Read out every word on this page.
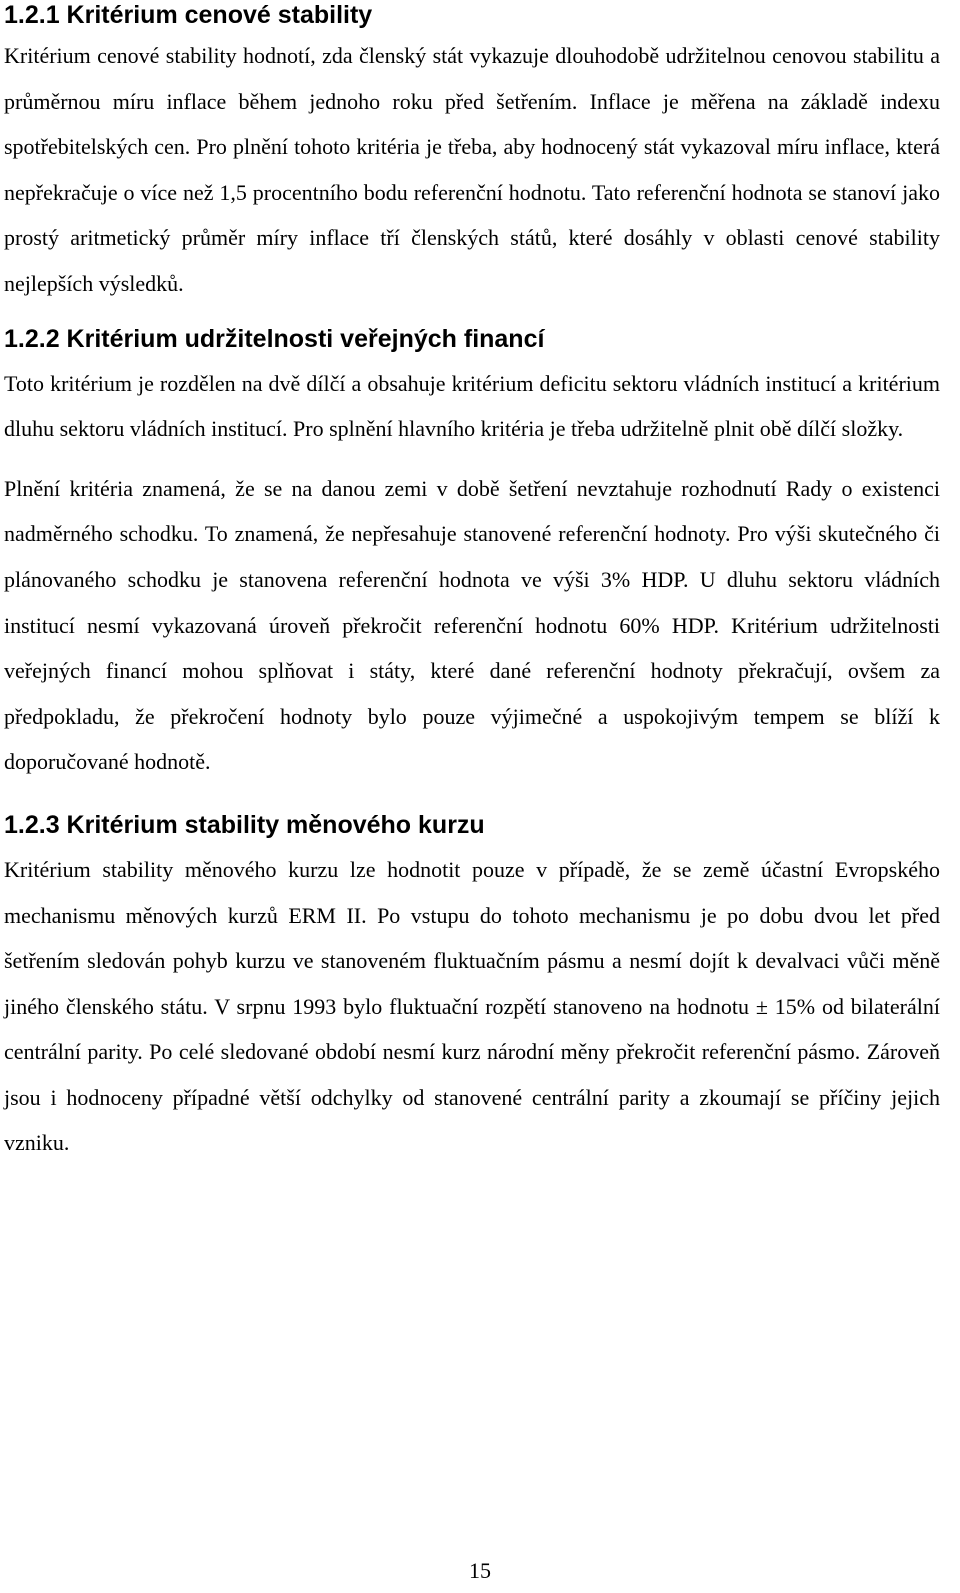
1.2.1 Kritérium cenové stability

Kritérium cenové stability hodnotí, zda členský stát vykazuje dlouhodobě udržitelnou cenovou stabilitu a průměrnou míru inflace během jednoho roku před šetřením. Inflace je měřena na základě indexu spotřebitelských cen. Pro plnění tohoto kritéria je třeba, aby hodnocený stát vykazoval míru inflace, která nepřekračuje o více než 1,5 procentního bodu referenční hodnotu. Tato referenční hodnota se stanoví jako prostý aritmetický průměr míry inflace tří členských států, které dosáhly v oblasti cenové stability nejlepších výsledků.

1.2.2 Kritérium udržitelnosti veřejných financí

Toto kritérium je rozdělen na dvě dílčí a obsahuje kritérium deficitu sektoru vládních institucí a kritérium dluhu sektoru vládních institucí. Pro splnění hlavního kritéria je třeba udržitelně plnit obě dílčí složky.

Plnění kritéria znamená, že se na danou zemi v době šetření nevztahuje rozhodnutí Rady o existenci nadměrného schodku. To znamená, že nepřesahuje stanovené referenční hodnoty. Pro výši skutečného či plánovaného schodku je stanovena referenční hodnota ve výši 3% HDP. U dluhu sektoru vládních institucí nesmí vykazovaná úroveň překročit referenční hodnotu 60% HDP. Kritérium udržitelnosti veřejných financí mohou splňovat i státy, které dané referenční hodnoty překračují, ovšem za předpokladu, že překročení hodnoty bylo pouze výjimečné a uspokojivým tempem se blíží k doporučované hodnotě.

1.2.3 Kritérium stability měnového kurzu

Kritérium stability měnového kurzu lze hodnotit pouze v případě, že se země účastní Evropského mechanismu měnových kurzů ERM II. Po vstupu do tohoto mechanismu je po dobu dvou let před šetřením sledován pohyb kurzu ve stanoveném fluktuačním pásmu a nesmí dojít k devalvaci vůči měně jiného členského státu. V srpnu 1993 bylo fluktuační rozpětí stanoveno na hodnotu ± 15% od bilaterální centrální parity. Po celé sledované období nesmí kurz národní měny překročit referenční pásmo. Zároveň jsou i hodnoceny případné větší odchylky od stanovené centrální parity a zkoumají se příčiny jejich vzniku.

15
